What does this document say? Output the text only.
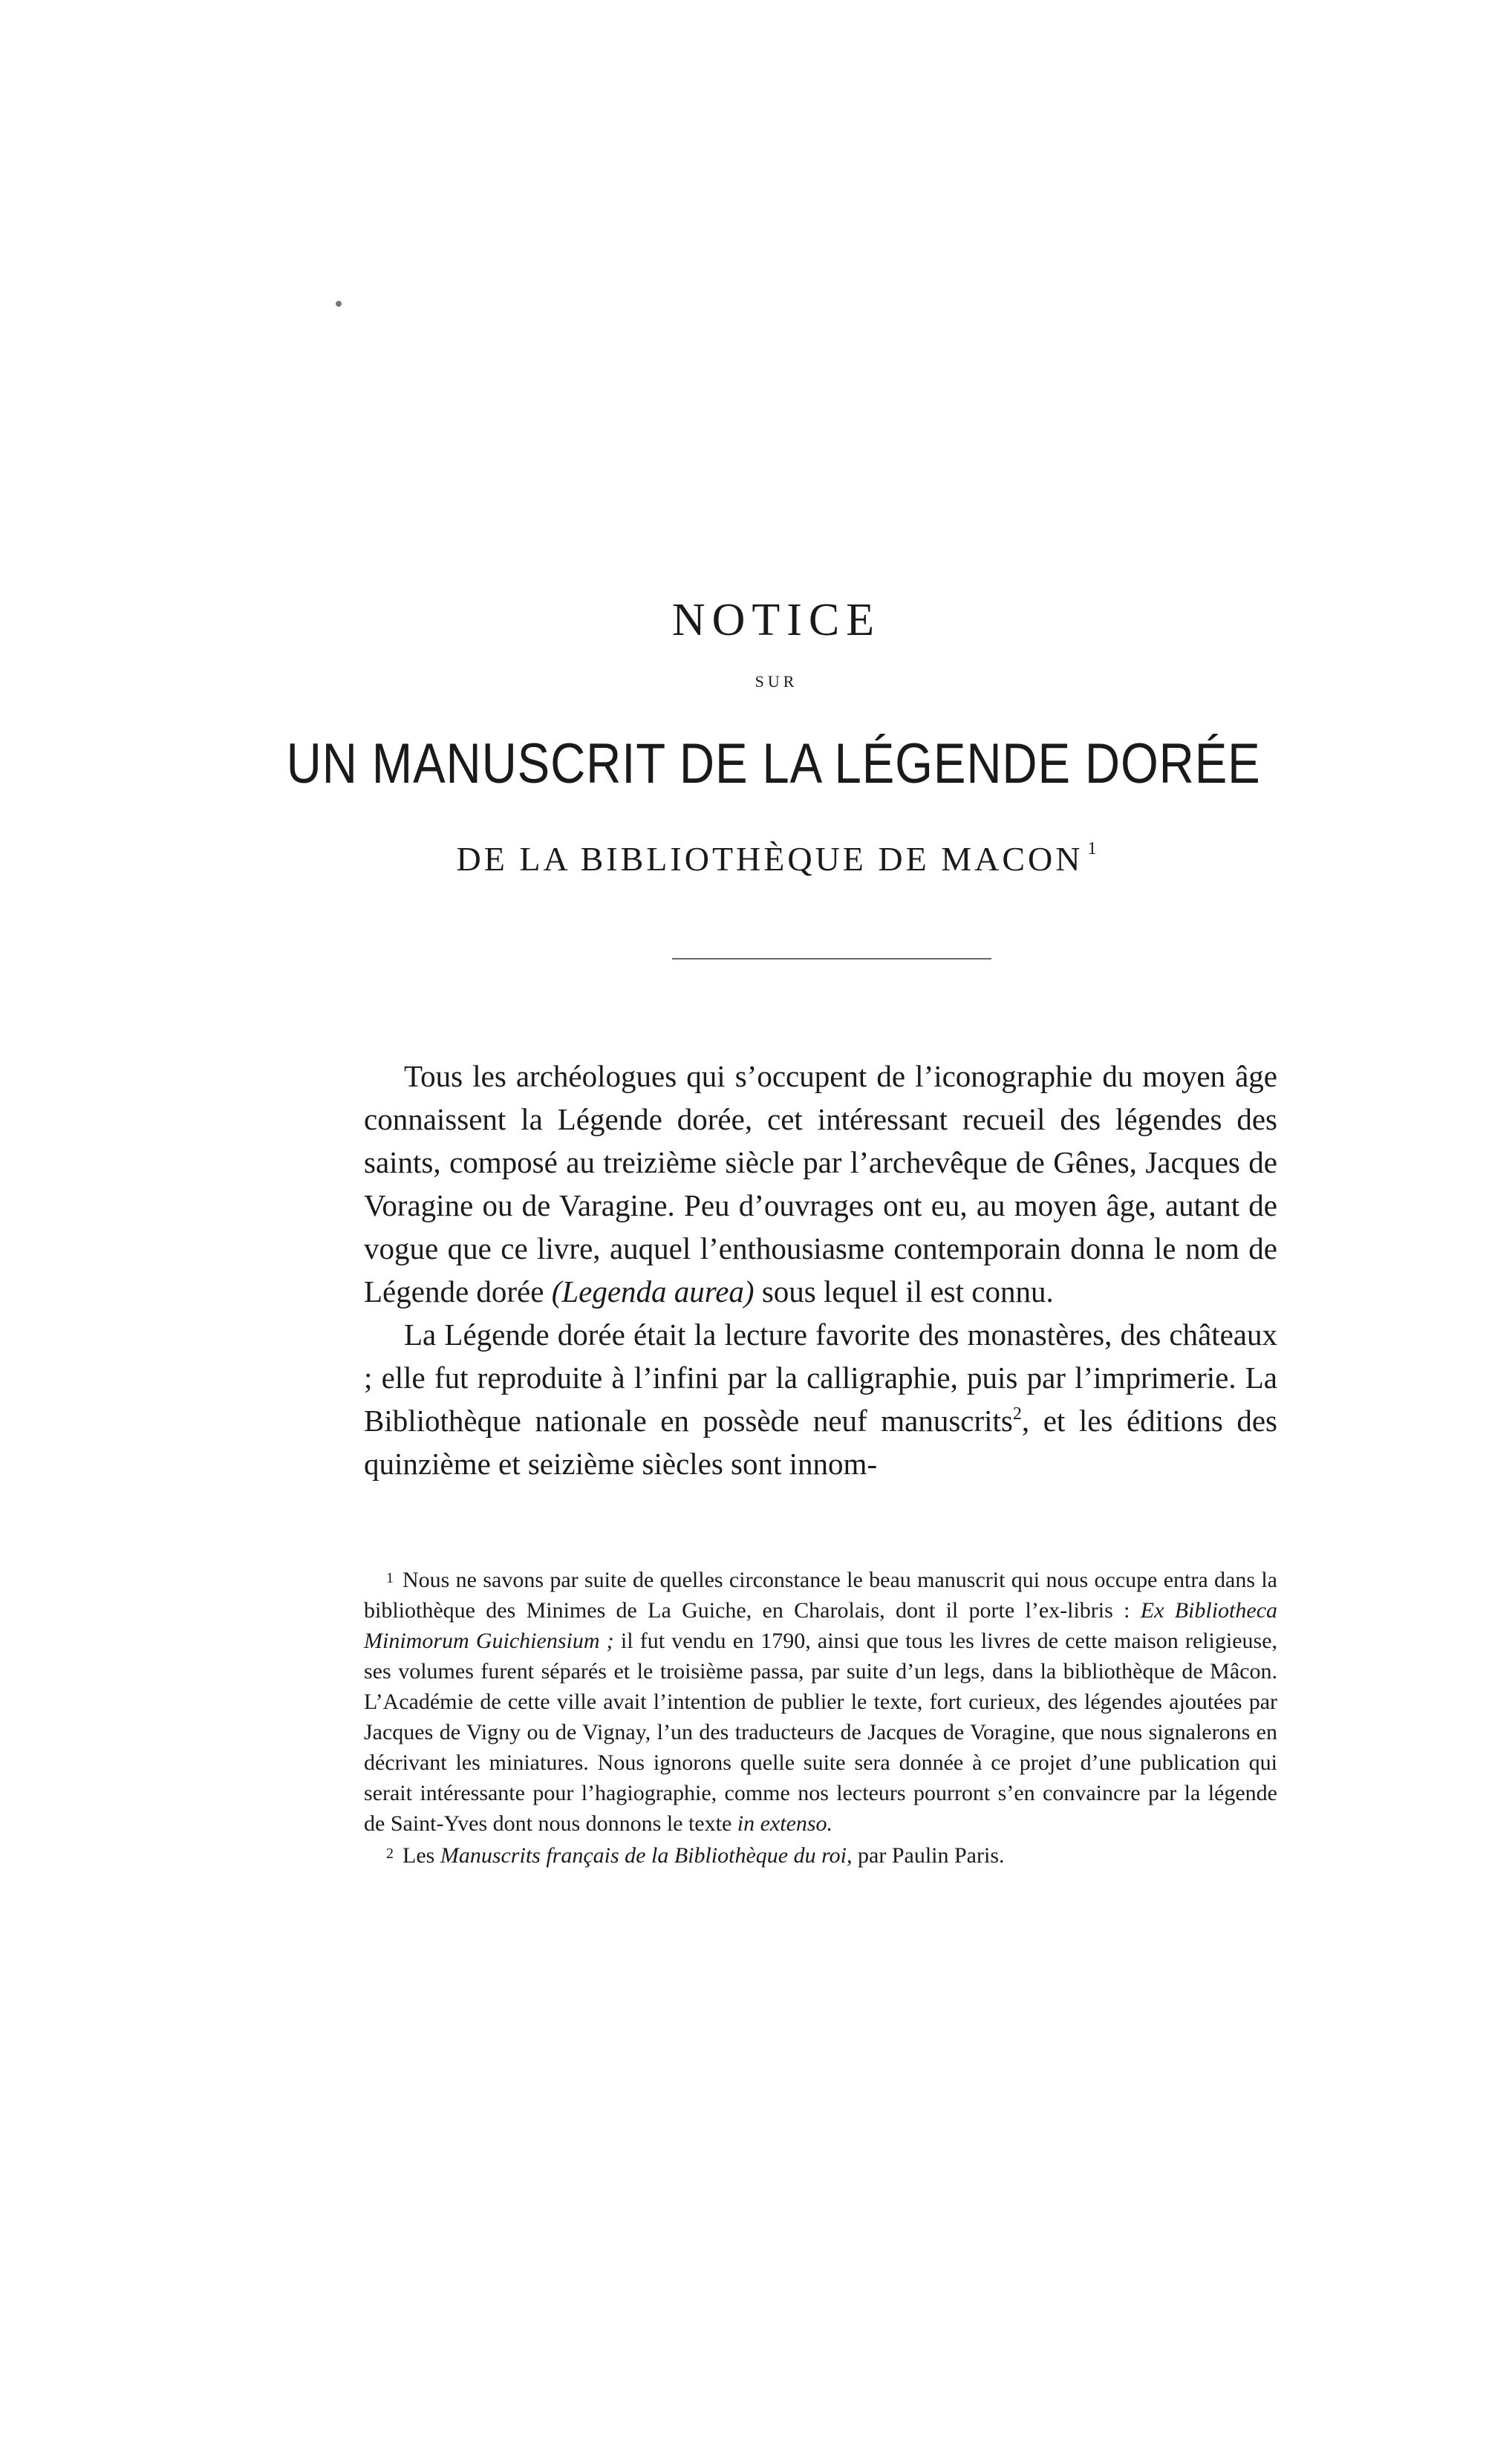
NOTICE
SUR
UN MANUSCRIT DE LA LÉGENDE DORÉE
DE LA BIBLIOTHÈQUE DE MACON $^1$

Tous les archéologues qui s’occupent de l’iconographie du moyen âge connaissent la Légende dorée, cet intéressant recueil des légendes des saints, composé au treizième siècle par l’archevêque de Gênes, Jacques de Voragine ou de Varagine. Peu d’ouvrages ont eu, au moyen âge, autant de vogue que ce livre, auquel l’enthousiasme contemporain donna le nom de Légende dorée (Legenda aurea) sous lequel il est connu.

La Légende dorée était la lecture favorite des monastères, des châteaux ; elle fut reproduite à l’infini par la calligraphie, puis par l’imprimerie. La Bibliothèque nationale en possède neuf manuscrits$^2$, et les éditions des quinzième et seizième siècles sont innom-

$^1$ Nous ne savons par suite de quelles circonstance le beau manuscrit qui nous occupe entra dans la bibliothèque des Minimes de La Guiche, en Charolais, dont il porte l’ex-libris : Ex Bibliotheca Minimorum Guichiensium ; il fut vendu en 1790, ainsi que tous les livres de cette maison religieuse, ses volumes furent séparés et le troisième passa, par suite d’un legs, dans la bibliothèque de Mâcon. L’Académie de cette ville avait l’intention de publier le texte, fort curieux, des légendes ajoutées par Jacques de Vigny ou de Vignay, l’un des traducteurs de Jacques de Voragine, que nous signalerons en décrivant les miniatures. Nous ignorons quelle suite sera donnée à ce projet d’une publication qui serait intéressante pour l’hagiographie, comme nos lecteurs pourront s’en convaincre par la légende de Saint-Yves dont nous donnons le texte in extenso.

$^2$ Les Manuscrits français de la Bibliothèque du roi, par Paulin Paris.
